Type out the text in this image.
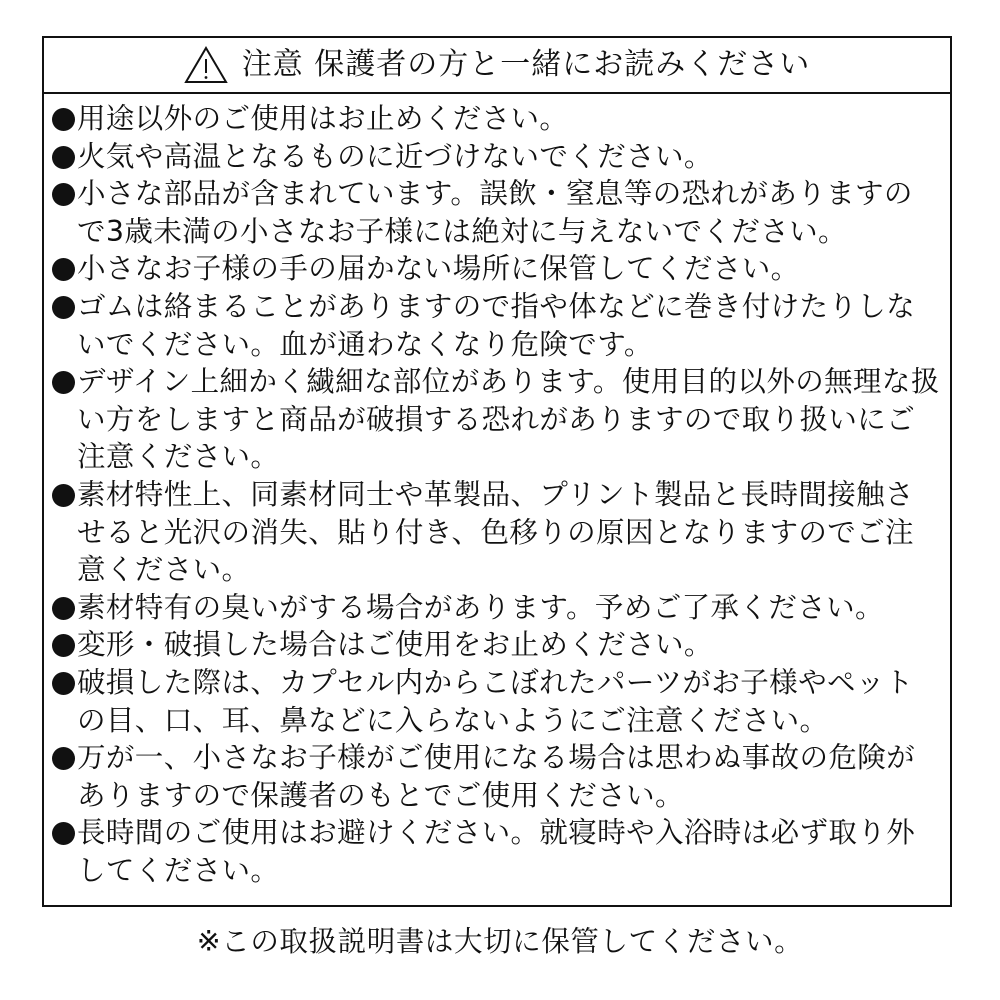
注意 保護者の方と一緒にお読みください
用途以外のご使用はお止めください。
火気や高温となるものに近づけないでください。
小さな部品が含まれています。誤飲・窒息等の恐れがありますので3歳未満の小さなお子様には絶対に与えないでください。
小さなお子様の手の届かない場所に保管してください。
ゴムは絡まることがありますので指や体などに巻き付けたりしないでください。血が通わなくなり危険です。
デザイン上細かく繊細な部位があります。使用目的以外の無理な扱い方をしますと商品が破損する恐れがありますので取り扱いにご注意ください。
素材特性上、同素材同士や革製品、プリント製品と長時間接触させると光沢の消失、貼り付き、色移りの原因となりますのでご注意ください。
素材特有の臭いがする場合があります。予めご了承ください。
変形・破損した場合はご使用をお止めください。
破損した際は、カプセル内からこぼれたパーツがお子様やペットの目、口、耳、鼻などに入らないようにご注意ください。
万が一、小さなお子様がご使用になる場合は思わぬ事故の危険がありますので保護者のもとでご使用ください。
長時間のご使用はお避けください。就寝時や入浴時は必ず取り外してください。
※この取扱説明書は大切に保管してください。
